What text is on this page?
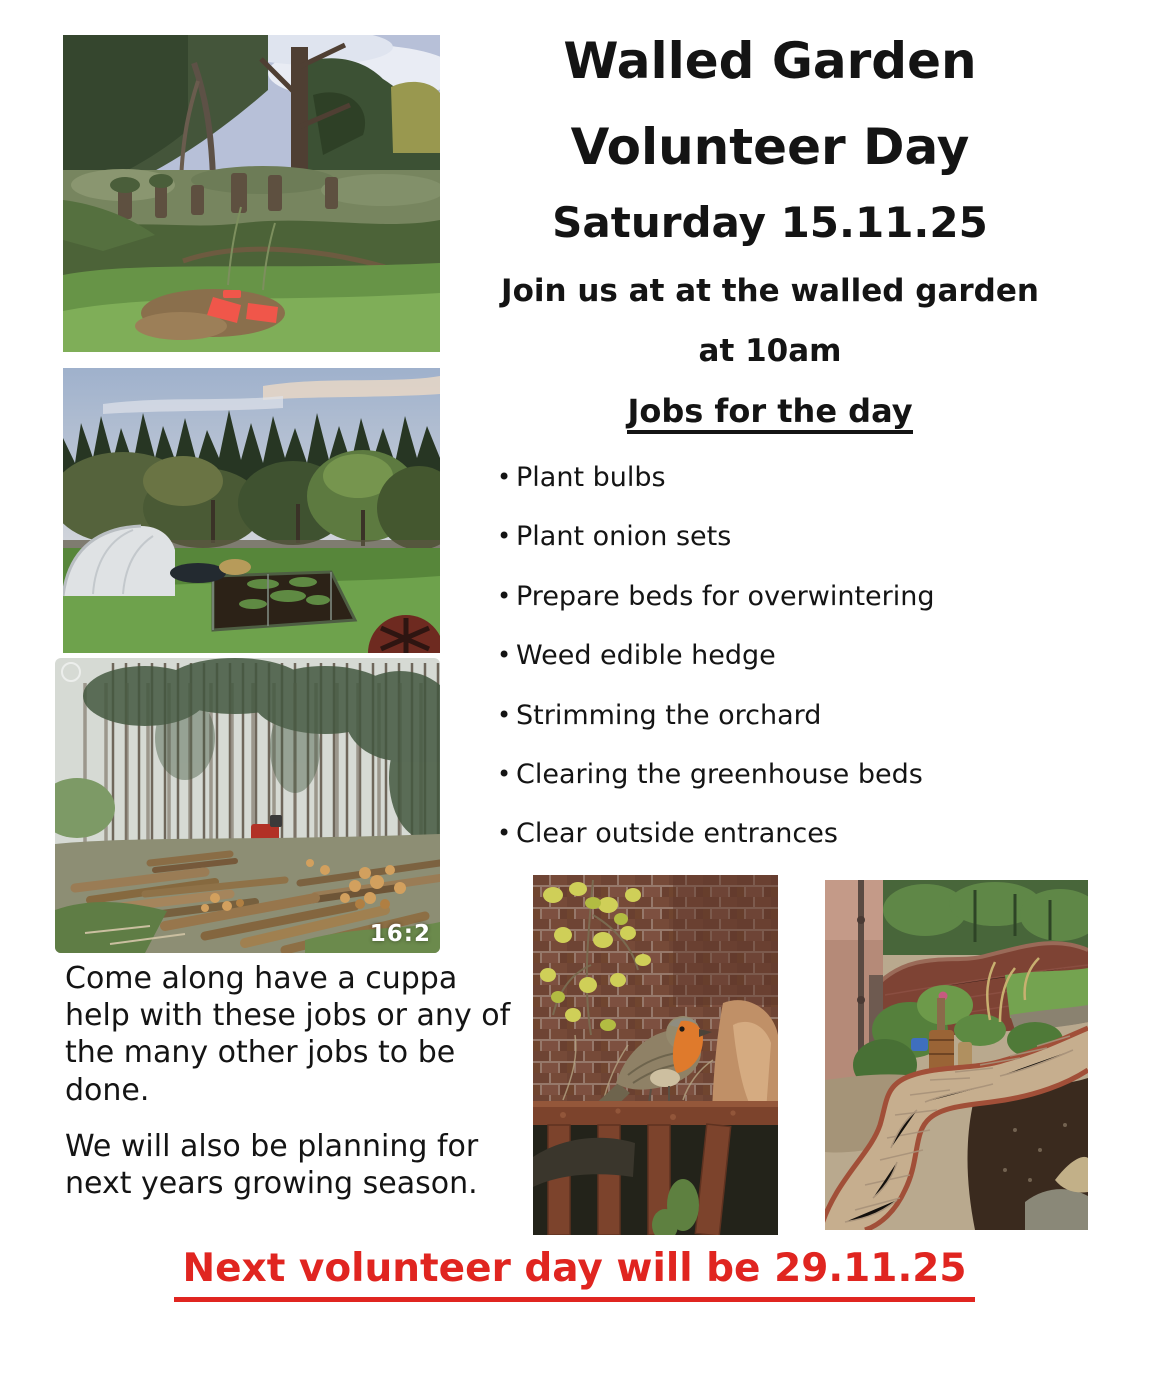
16:2
Walled Garden
Volunteer Day
Saturday 15.11.25
Join us at at the walled garden
at 10am
Jobs for the day
• Plant bulbs
• Plant onion sets
• Prepare beds for overwintering
• Weed edible hedge
• Strimming the orchard
• Clearing the greenhouse beds
• Clear outside entrances

Come along have a cuppa help with these jobs or any of the many other jobs to be done.

We will also be planning for next years growing season.

Next volunteer day will be 29.11.25
